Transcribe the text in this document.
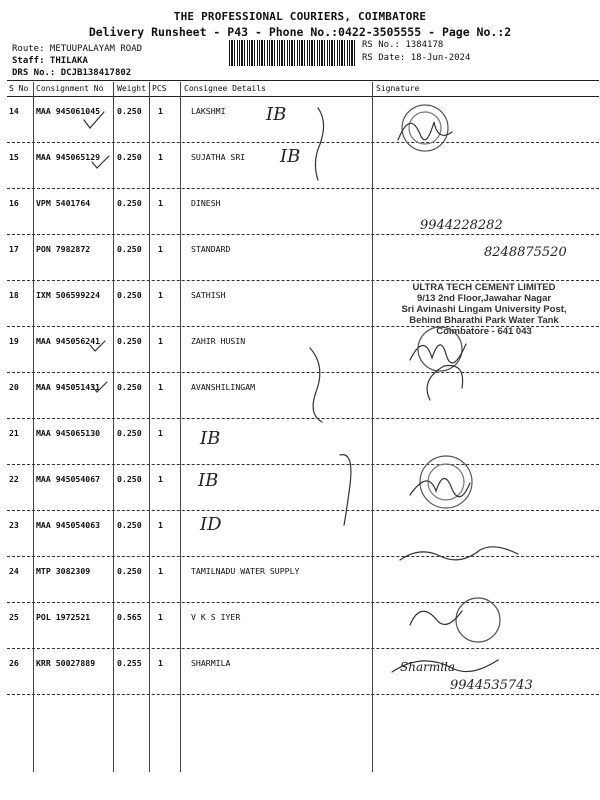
THE PROFESSIONAL COURIERS, COIMBATORE
Delivery Runsheet - P43 - Phone No.:0422-3505555 - Page No.:2
Route: METUUPALAYAM ROAD
Staff: THILAKA
DRS No.: DCJB138417802
RS No.: 1384178
RS Date: 18-Jun-2024
S No Consignment No Weight PCS Consignee Details	Signature
14 MAA 945061045 0.250 1	LAKSHMI
15 MAA 945065129 0.250 1	SUJATHA SRI
16 VPM 5401764	0.250 1	DINESH
17 PON 7982872	0.250 1	STANDARD
18 IXM 506599224 0.250 1	SATHISH
19 MAA 945056241 0.250 1	ZAHIR HUSIN
20 MAA 945051431 0.250 1	AVANSHILINGAM
21 MAA 945065130 0.250 1
22 MAA 945054067 0.250 1
23 MAA 945054063 0.250 1
24 MTP 3082309	0.250 1	TAMILNADU WATER SUPPLY
25 POL 1972521	0.565 1	V K S IYER
26 KRR 50027889	0.255 1	SHARMILA
IB
IB
IB
IB
ID
9944228282
8248875520
Sharmila
9944535743
ULTRA TECH CEMENT LIMITED
9/13 2nd Floor,Jawahar Nagar
Sri Avinashi Lingam University Post,
Behind Bharathi Park Water Tank
Coimbatore - 641 043
